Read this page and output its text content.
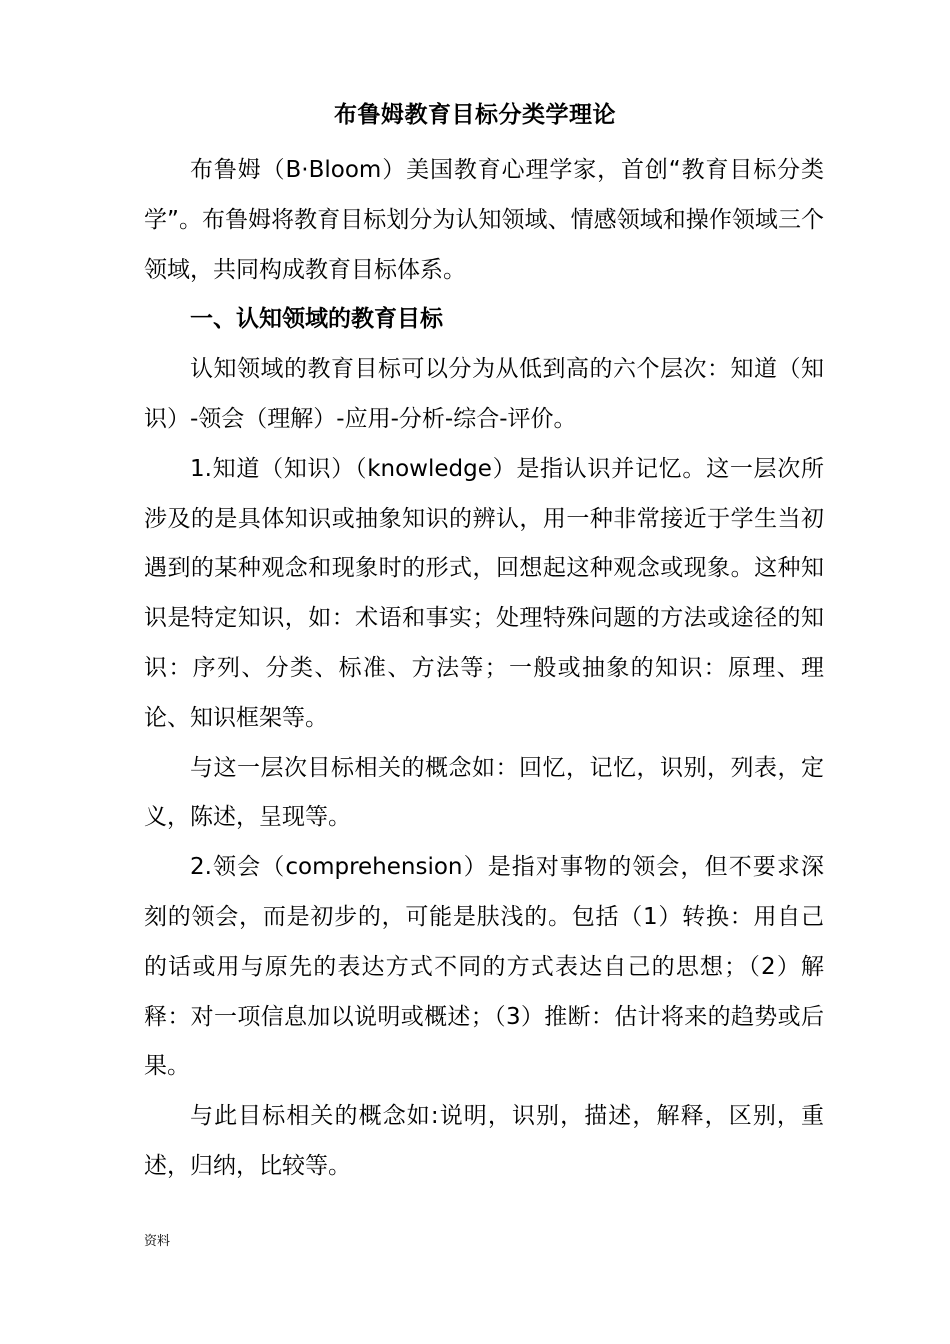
布鲁姆教育目标分类学理论

布鲁姆（B·Bloom）美国教育心理学家，首创“教育目标分类学”。布鲁姆将教育目标划分为认知领域、情感领域和操作领域三个领域，共同构成教育目标体系。

一、认知领域的教育目标

认知领域的教育目标可以分为从低到高的六个层次：知道（知识）-领会（理解）-应用-分析-综合-评价。

1.知道（知识）（knowledge）是指认识并记忆。这一层次所涉及的是具体知识或抽象知识的辨认，用一种非常接近于学生当初遇到的某种观念和现象时的形式，回想起这种观念或现象。这种知识是特定知识，如：术语和事实；处理特殊问题的方法或途径的知识：序列、分类、标准、方法等；一般或抽象的知识：原理、理论、知识框架等。

与这一层次目标相关的概念如：回忆，记忆，识别，列表，定义，陈述，呈现等。

2.领会（comprehension）是指对事物的领会，但不要求深刻的领会，而是初步的，可能是肤浅的。包括（1）转换：用自己的话或用与原先的表达方式不同的方式表达自己的思想；（2）解释：对一项信息加以说明或概述；（3）推断：估计将来的趋势或后果。

与此目标相关的概念如:说明，识别，描述，解释，区别，重述，归纳，比较等。

资料
